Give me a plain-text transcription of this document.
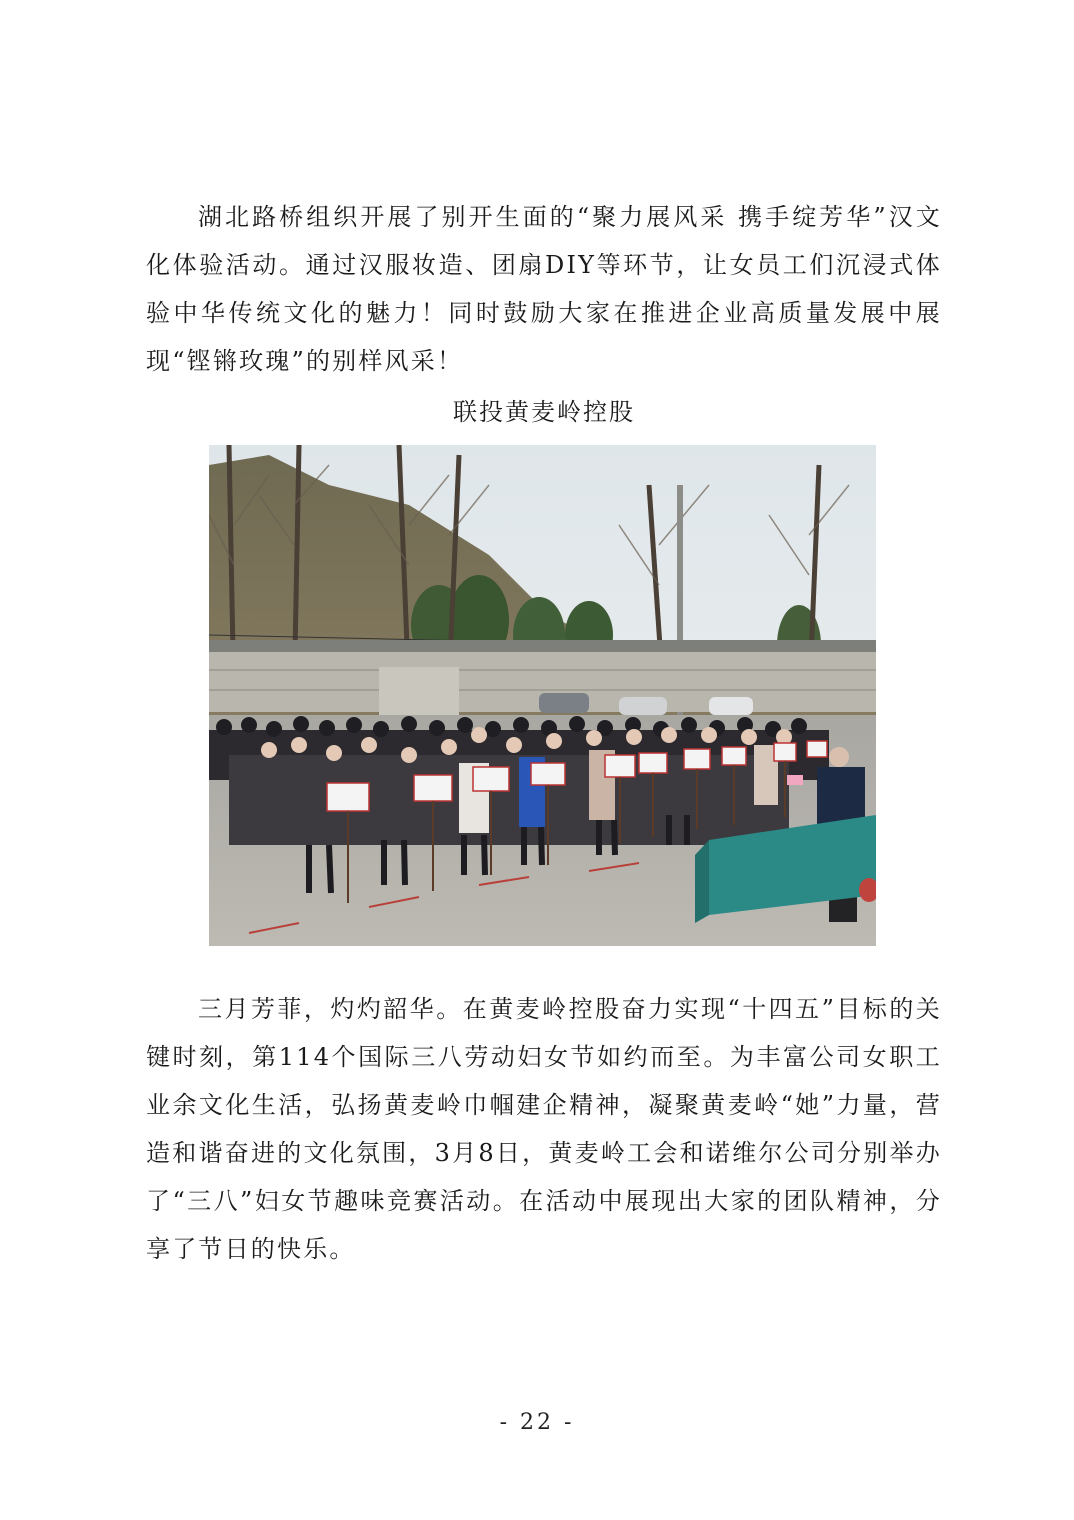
湖北路桥组织开展了别开生面的“聚力展风采 携手绽芳华”汉文化体验活动。通过汉服妆造、团扇DIY等环节，让女员工们沉浸式体验中华传统文化的魅力！同时鼓励大家在推进企业高质量发展中展现“铿锵玫瑰”的别样风采！

联投黄麦岭控股

三月芳菲，灼灼韶华。在黄麦岭控股奋力实现“十四五”目标的关键时刻，第114个国际三八劳动妇女节如约而至。为丰富公司女职工业余文化生活，弘扬黄麦岭巾帼建企精神，凝聚黄麦岭“她”力量，营造和谐奋进的文化氛围，3月8日，黄麦岭工会和诺维尔公司分别举办了“三八”妇女节趣味竞赛活动。在活动中展现出大家的团队精神，分享了节日的快乐。

- 22 -
